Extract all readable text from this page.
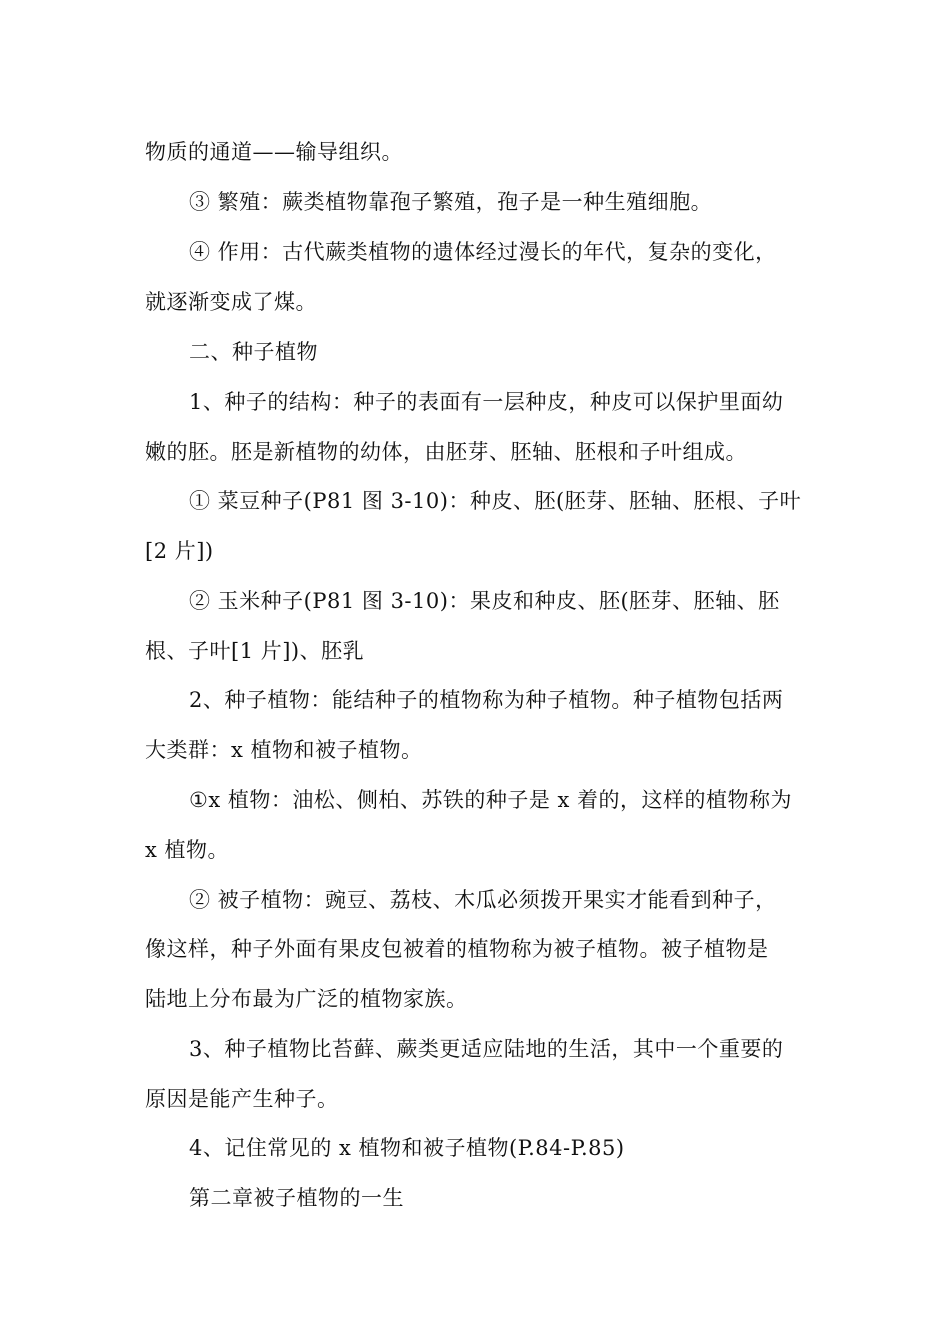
物质的通道——输导组织。
③ 繁殖：蕨类植物靠孢子繁殖，孢子是一种生殖细胞。
④ 作用：古代蕨类植物的遗体经过漫长的年代，复杂的变化，
就逐渐变成了煤。
二、种子植物
1、种子的结构：种子的表面有一层种皮，种皮可以保护里面幼
嫩的胚。胚是新植物的幼体，由胚芽、胚轴、胚根和子叶组成。
① 菜豆种子(P81 图 3-10)：种皮、胚(胚芽、胚轴、胚根、子叶
[2 片])
② 玉米种子(P81 图 3-10)：果皮和种皮、胚(胚芽、胚轴、胚
根、子叶[1 片])、胚乳
2、种子植物：能结种子的植物称为种子植物。种子植物包括两
大类群：x 植物和被子植物。
①x 植物：油松、侧柏、苏铁的种子是 x 着的，这样的植物称为
x 植物。
② 被子植物：豌豆、荔枝、木瓜必须拨开果实才能看到种子，
像这样，种子外面有果皮包被着的植物称为被子植物。被子植物是
陆地上分布最为广泛的植物家族。
3、种子植物比苔藓、蕨类更适应陆地的生活，其中一个重要的
原因是能产生种子。
4、记住常见的 x 植物和被子植物(P.84-P.85)
第二章被子植物的一生
